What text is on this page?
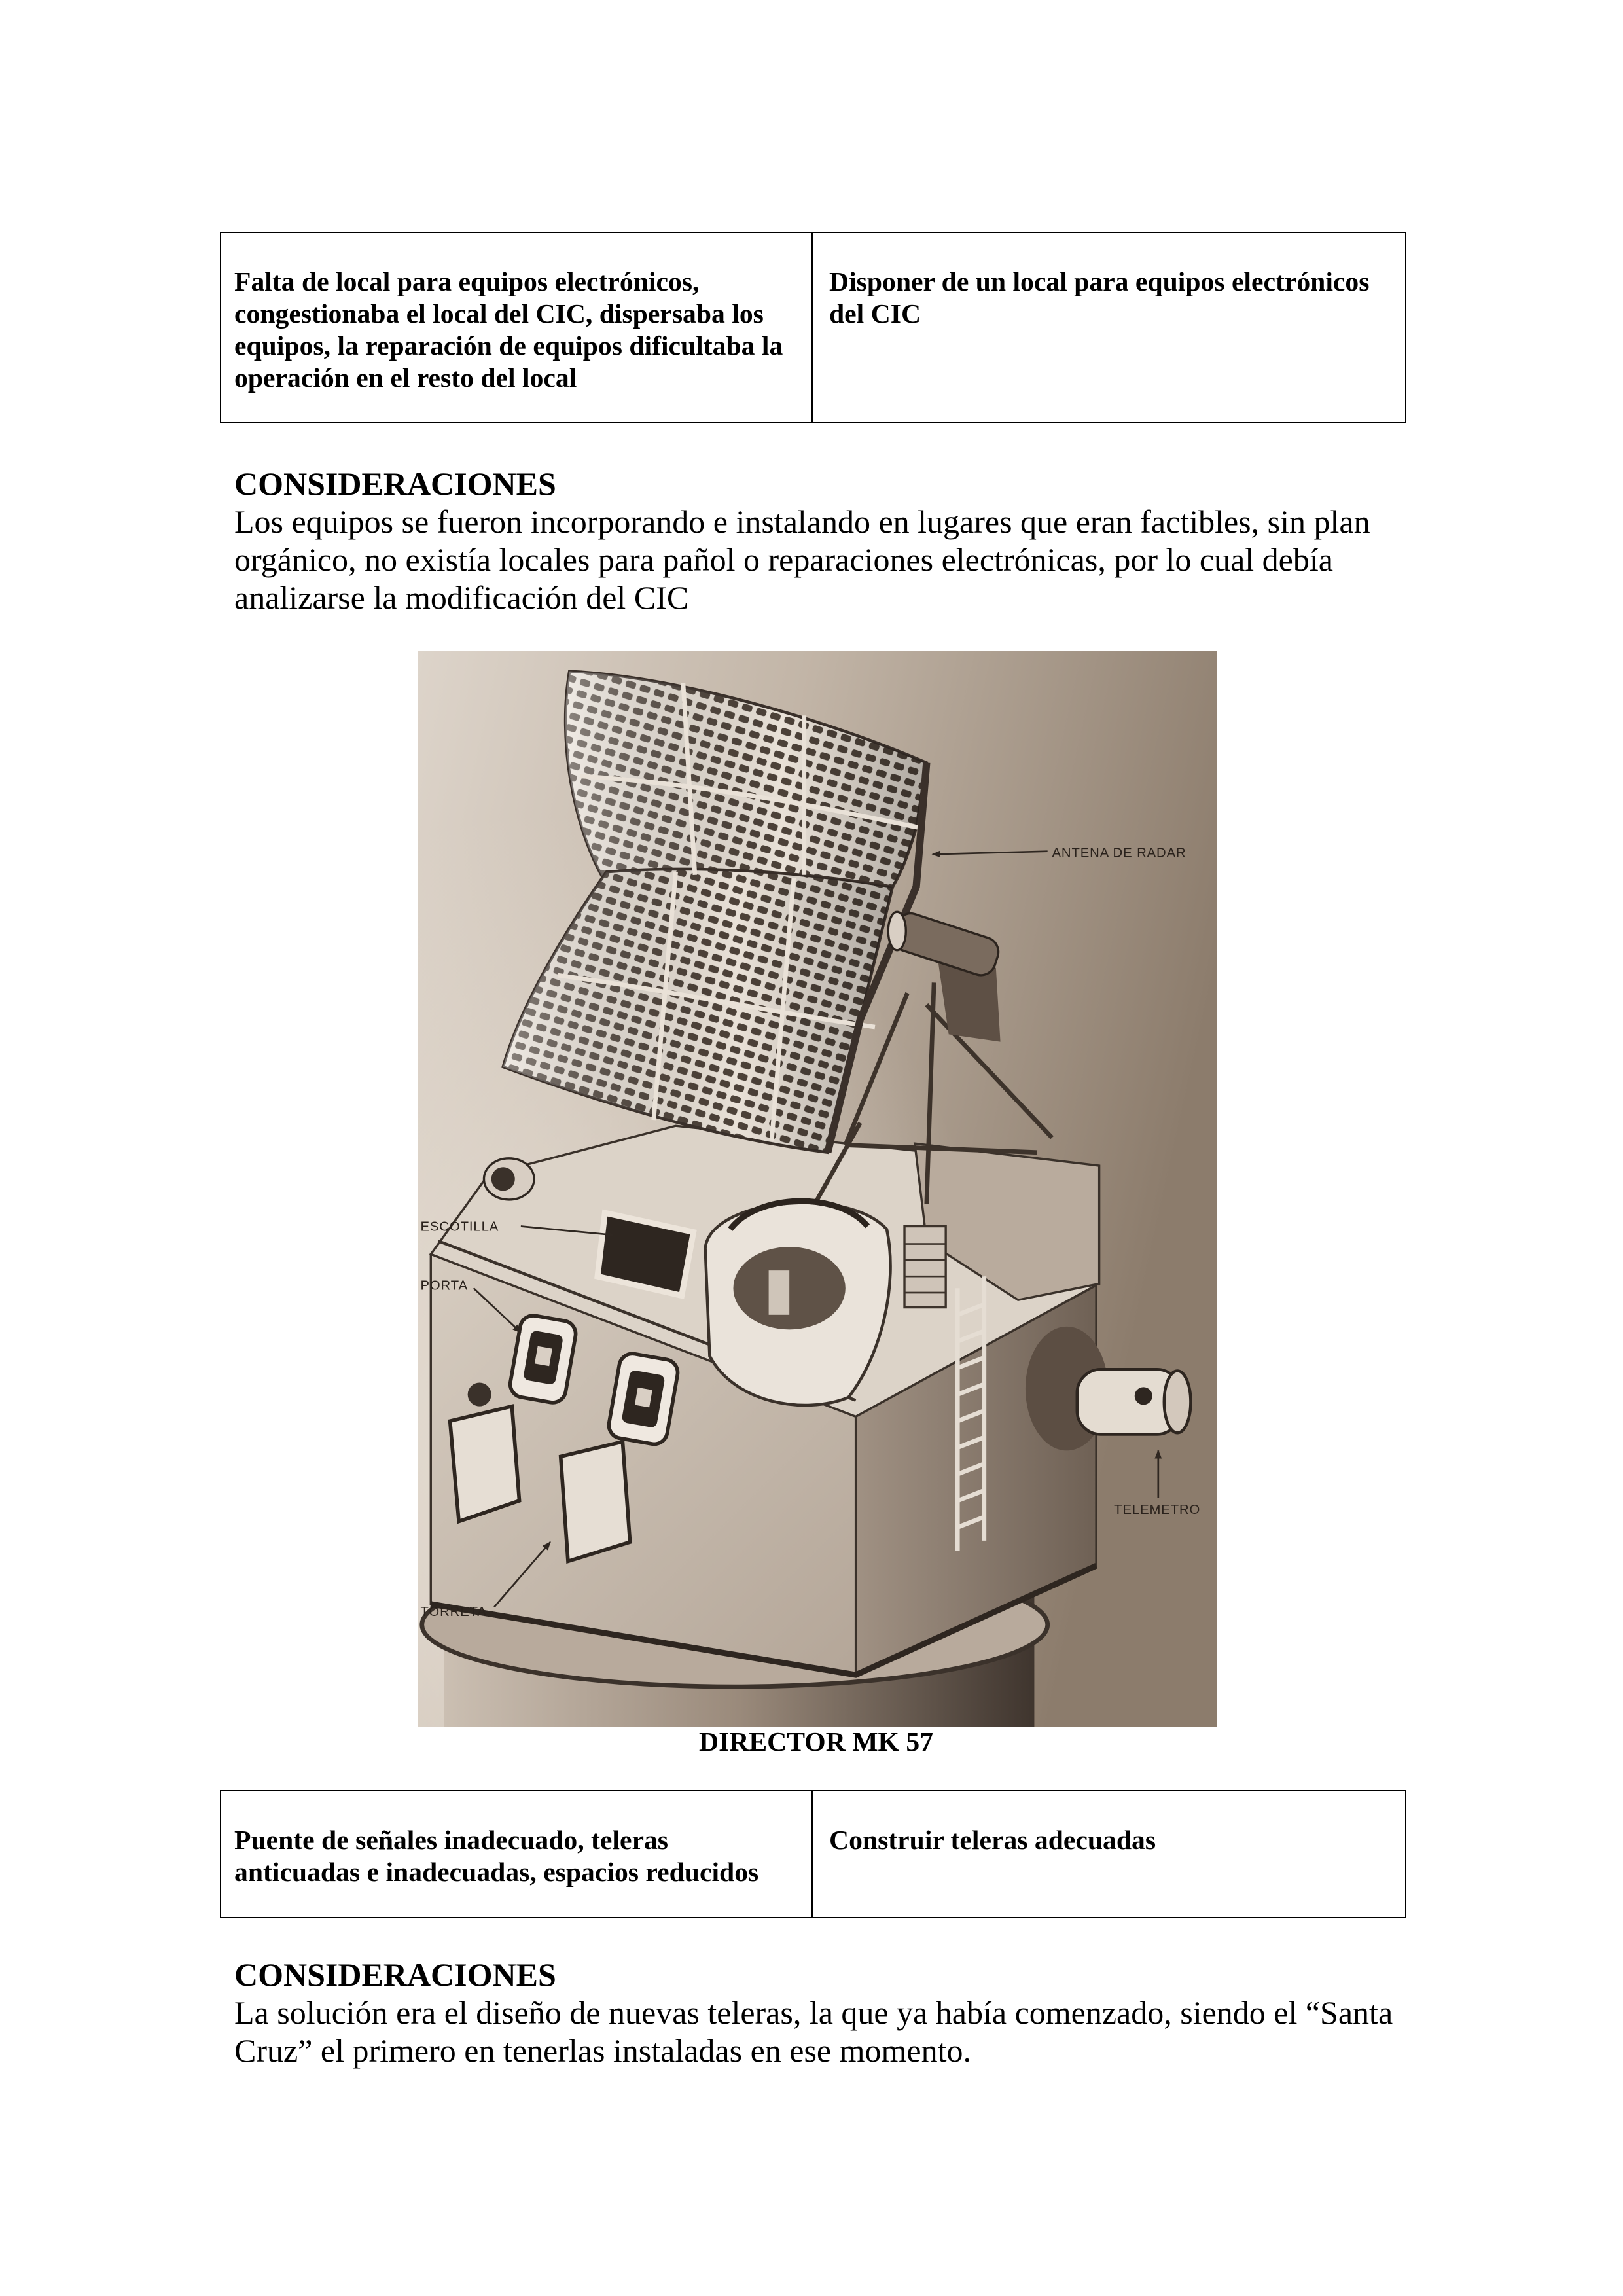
Falta de local para equipos electrónicos,
congestionaba el local del CIC, dispersaba los
equipos, la reparación de equipos dificultaba la
operación en el resto del local
Disponer de un local para equipos electrónicos
del CIC
CONSIDERACIONES

Los equipos se fueron incorporando e instalando en lugares que eran factibles, sin plan
orgánico, no existía locales para pañol o reparaciones electrónicas, por lo cual debía
analizarse la modificación del CIC

ANTENA DE RADAR
ESCOTILLA
PORTA
TELEMETRO
TORRETA
DIRECTOR MK 57
Puente de señales inadecuado, teleras
anticuadas e inadecuadas, espacios reducidos
Construir teleras adecuadas
CONSIDERACIONES

La solución era el diseño de nuevas teleras, la que ya había comenzado, siendo el “Santa
Cruz” el primero en tenerlas instaladas en ese momento.
